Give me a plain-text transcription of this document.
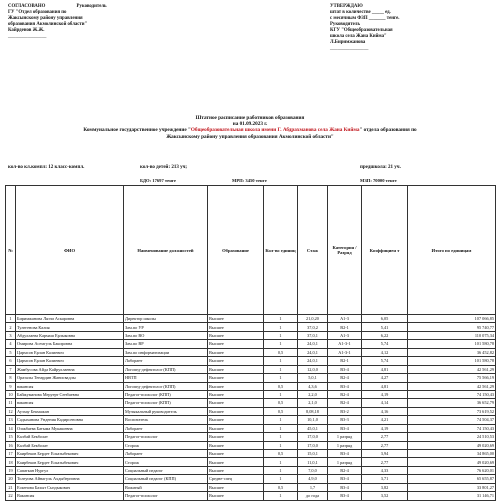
СОГЛАСОВАНО	Руководитель
ГУ "Отдел образования по
Жаксынскому району управления
образования Акмолинской области"
Кайрденов Ж.Ж.
________________
УТВЕРЖДАЮ
штат в количестве _____ ед.
с месячным ФЗП _______ тенге.
Руководитель
КГУ "Общеобразовательная
школа села Жана Кийма"
Л.Биримжанова
________________
Штатное расписание работников образования
на 01.09.2023 г.
Коммунальное государственное учреждение "Общеобразовательная школа имени Г. Абдрахманова села Жана Кийма" отдела образования по
Жаксынскому району управления образования Акмолинской области"
кол-во кл.компл: 12 класс-компл.	кол-во детей: 213 уч;	предшкола: 21 уч.
БДО: 17697 тенге	МРП: 3450 тенге	МЗП: 70000 тенге
№	ФИО	Наименование должностей	Образование	Кол-во единиц	Стаж	Категория / Разряд	Коэффициен т	Итого по единицам
1	Биримжанова Ляззи Аскаровна	Директор школы	Высшее	1	21,0,20	А1-3	6,05	107 066,85
2	Тулегенова Калия	Зам.по УР	Высшее	1	37,0,2	В2-1	5,41	95 740,77
3	Абдуллаева Кармаш Ерлыковна	Зам.по ВО	Высшее	1	37,0,1	А1-3	6,22	110 075,34
4	Омирова Асемгуль Бакировна	Зам.по ВР	Высшее	1	24,0,1	А1-3-1	5,74	101 580,78
5	Цармсов Ерлан Калиевич	Зам.по информатизации	Высшее	0,5	24,0,1	А1-3-1	4,12	36 452,82
6	Цармсов Ерлан Калиевич	Лаборант	Высшее	1	24,0,1	В2-1	5,74	101 580,78
7	Жамбусова Айда Кайруллаевна	Логопед-дефектолог (КПП)	Высшее	1	12,0,0	В3-4	4,81	42 561,29
8	Оразалы Тенардин Жанисвадлы	НВТП	Высшее	1	5,0,1	В2-4	4,27	75 566,19
9	вакансия	Логопед-дефектолог (КПП)	Высшее	0,5	4,3,6	В3-4	4,81	42 561,29
10	Байжуманова Меруерт Сенбаевна	Педагог-психолог (КПП)	Высшее	1	2,2,0	В2-4	4,19	74 150,43
11	вакансия	Педагог-психолог (КПП)	Высшее	0,5	2,1,0	В2-4	4,14	36 652,79
12	Ауэхау Бекмажан	Музыкальный руководитель	Высшее	0,5	8,08,18	В3-2	4,16	73 619,52
13	Садыханова Ундения Кадирсеновна	Воспитатель	Высшее	1	10,1,0	В3-3	4,21	74 504,37
14	Озакбаева Батыма Мукашевна	Лаборант	Высшее	1	45,0,1	В3-4	4,19	74 150,43
15	Калбай Бекболат	Педагог-психолог	Высшее	1	17,0,0	1 разряд	2,77	24 510,53
16	Калбай Бекболат	Сторож	Высшее	1	17,0,0	1 разряд	2,77	49 020,69
17	Каирбеков Бердет Есказыбекович	Лаборант	Высшее	0,5	15,0,1	В3-4	3,94	34 865,00
18	Каирбеков Бердет Есказыбекович	Сторож	Высшее	1	11,0,1	1 разряд	2,77	49 020,69
19	Сапаткан Нургул	Социальный педагог	Высшее	1	7,0,0	В2-4	4,33	76 620,01
20	Толеуова Айнагуль Ахдыберговна	Социальный педагог (КПП)	Средне-спец	1	4,9,0	В3-4	3,71	65 655,87
21	Ескенова Бахыт Сыздыкович	Вожатый	Высшее	0,5	1,7	В3-4	3,82	33 801,27
22	Вакансия	Педагог-психолог	Высшее	1	до года	В3-4	3,52	31 146,71
